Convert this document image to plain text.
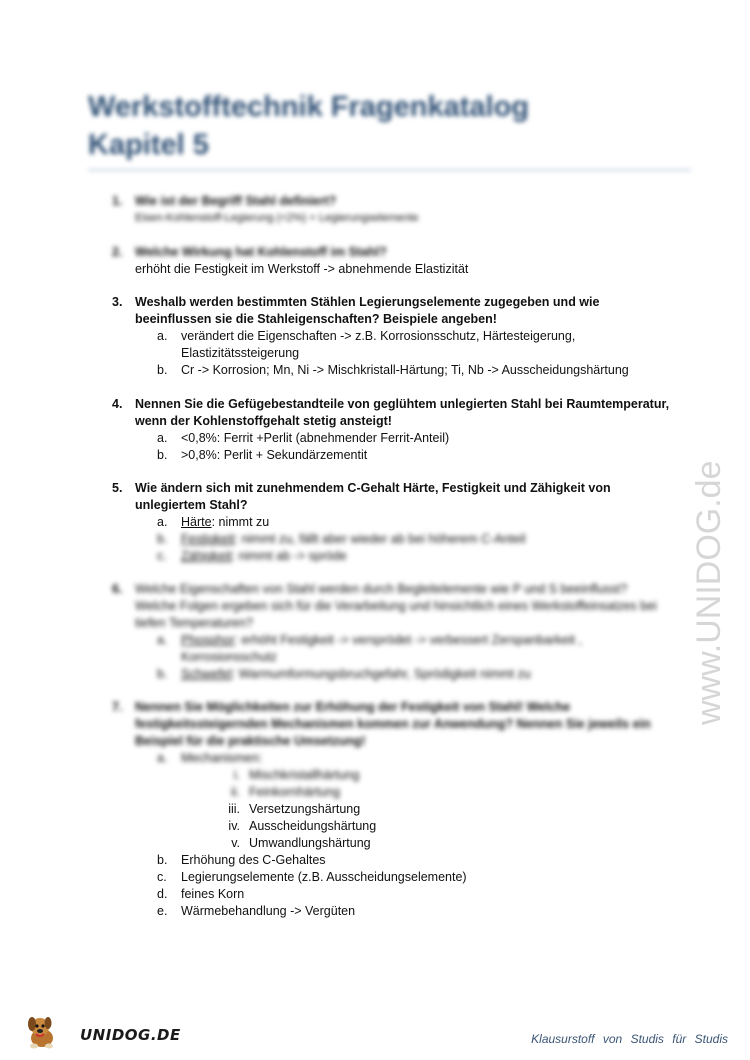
Werkstofftechnik Fragenkatalog
Kapitel 5
1.	Wie ist der Begriff Stahl definiert?
Eisen-Kohlenstoff-Legierung (<2%) + Legierungselemente
2.	Welche Wirkung hat Kohlenstoff im Stahl?
erhöht die Festigkeit im Werkstoff -> abnehmende Elastizität
3.	Weshalb werden bestimmten Stählen Legierungselemente zugegeben und wie beeinflussen sie die Stahleigenschaften? Beispiele angeben!
a. verändert die Eigenschaften -> z.B. Korrosionsschutz, Härtesteigerung, Elastizitätssteigerung
b. Cr -> Korrosion; Mn, Ni -> Mischkristall-Härtung; Ti, Nb -> Ausscheidungshärtung
4.	Nennen Sie die Gefügebestandteile von geglühtem unlegierten Stahl bei Raumtemperatur, wenn der Kohlenstoffgehalt stetig ansteigt!
a. <0,8%: Ferrit +Perlit (abnehmender Ferrit-Anteil)
b. >0,8%: Perlit + Sekundärzementit
5.	Wie ändern sich mit zunehmendem C-Gehalt Härte, Festigkeit und Zähigkeit von unlegiertem Stahl?
a. Härte: nimmt zu
b. Festigkeit: nimmt zu, fällt aber wieder ab bei höherem C-Anteil
c. Zähigkeit: nimmt ab -> spröde
6.	Welche Eigenschaften von Stahl werden durch Begleitelemente wie P und S beeinflusst? Welche Folgen ergeben sich für die Verarbeitung und hinsichtlich eines Werkstoffeinsatzes bei tiefen Temperaturen?
a. Phosphor: erhöht Festigkeit -> versprödet -> verbessert Zerspanbarkeit , Korrosionsschutz
b. Schwefel: Warmumformungsbruchgefahr, Sprödigkeit nimmt zu
7.	Nennen Sie Möglichkeiten zur Erhöhung der Festigkeit von Stahl! Welche festigkeitssteigernden Mechanismen kommen zur Anwendung? Nennen Sie jeweils ein Beispiel für die praktische Umsetzung!
a. Mechanismen:
i. Mischkristallhärtung
ii. Feinkornhärtung
iii. Versetzungshärtung
iv. Ausscheidungshärtung
v. Umwandlungshärtung
b. Erhöhung des C-Gehaltes
c. Legierungselemente (z.B. Ausscheidungselemente)
d. feines Korn
e. Wärmebehandlung -> Vergüten
www.UNIDOG.de
UNIDOG.DE	Klausurstoff von Studis für Studis
